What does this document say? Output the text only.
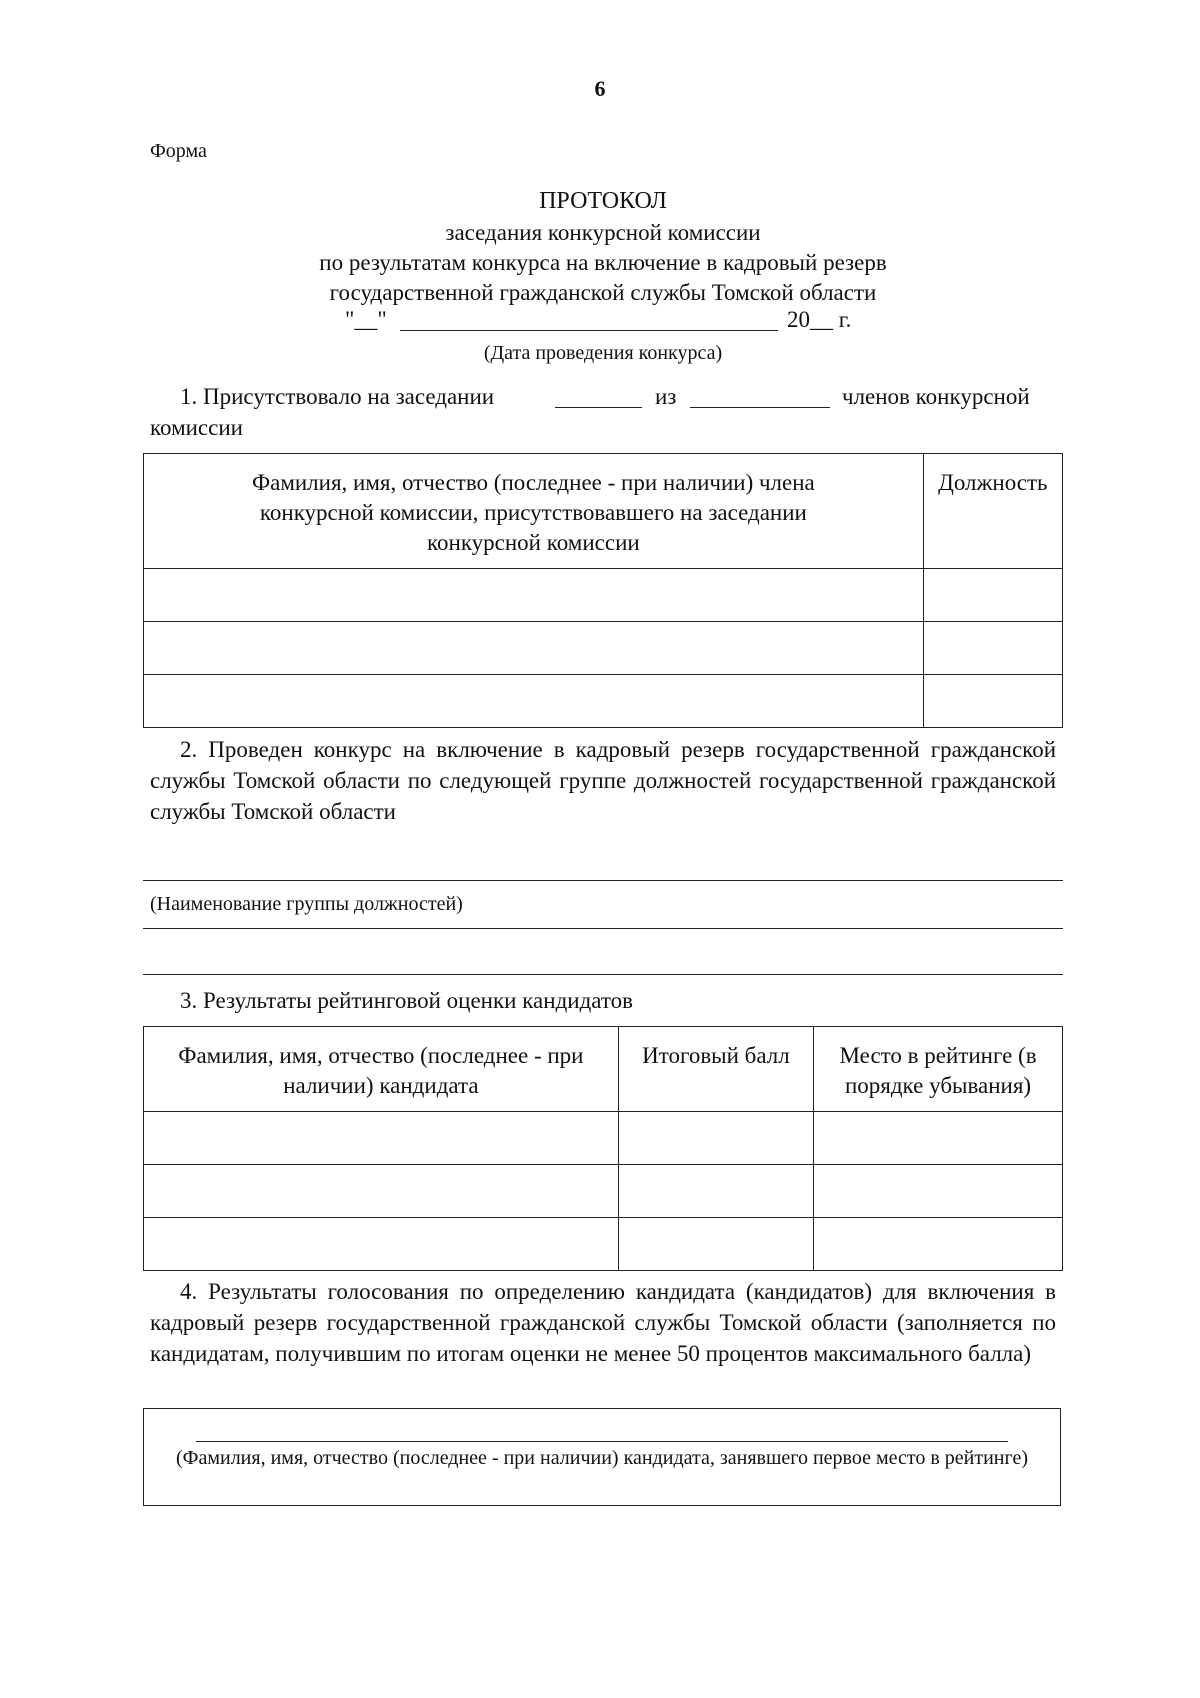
6
Форма
ПРОТОКОЛ
заседания конкурсной комиссии
по результатам конкурса на включение в кадровый резерв
государственной гражданской службы Томской области
"__"	20__ г.
(Дата проведения конкурса)
1. Присутствовало на заседании	из	членов конкурсной
комиссии
Фамилия, имя, отчество (последнее - при наличии) члена конкурсной комиссии, присутствовавшего на заседании конкурсной комиссии	Должность

2. Проведен конкурс на включение в кадровый резерв государственной гражданской службы Томской области по следующей группе должностей государственной гражданской службы Томской области
(Наименование группы должностей)
3. Результаты рейтинговой оценки кандидатов
Фамилия, имя, отчество (последнее - при наличии) кандидата	Итоговый балл	Место в рейтинге (в порядке убывания)

4. Результаты голосования по определению кандидата (кандидатов) для включения в кадровый резерв государственной гражданской службы Томской области (заполняется по кандидатам, получившим по итогам оценки не менее 50 процентов максимального балла)
(Фамилия, имя, отчество (последнее - при наличии) кандидата, занявшего первое место в рейтинге)
